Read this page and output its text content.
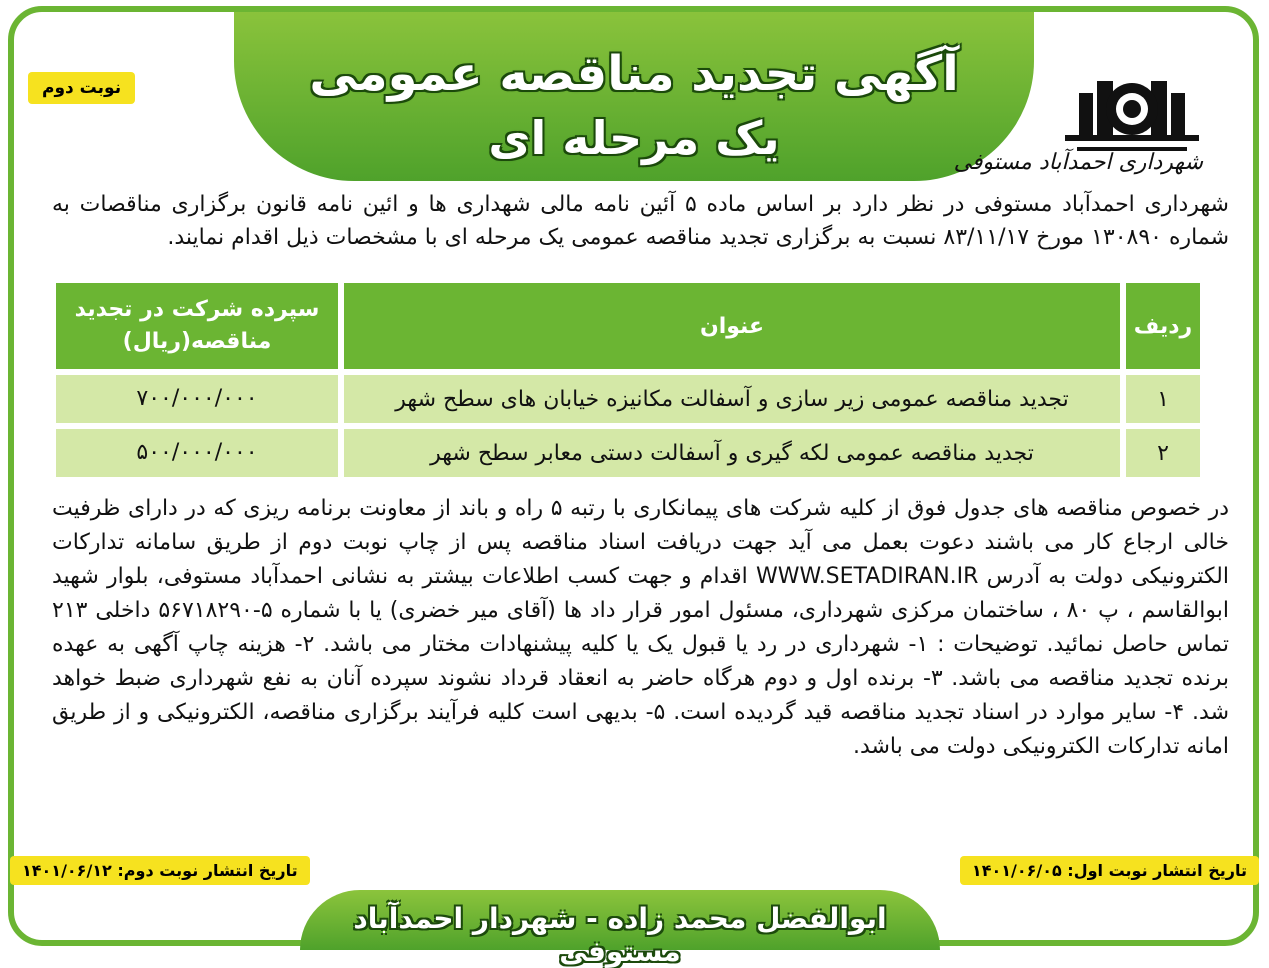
آگهی تجدید مناقصه عمومی
یک مرحله ای
نوبت دوم
شهرداری احمدآباد مستوفی
شهرداری احمدآباد مستوفی در نظر دارد بر اساس ماده ۵ آئین نامه مالی شهداری ها و ائین نامه قانون برگزاری مناقصات به شماره ۱۳۰۸۹۰ مورخ ۸۳/۱۱/۱۷ نسبت به برگزاری تجدید مناقصه عمومی یک مرحله ای با مشخصات ذیل اقدام نمایند.
ردیف	عنوان	سپرده شرکت در تجدید مناقصه(ریال)
۱	تجدید مناقصه عمومی زیر سازی و آسفالت مکانیزه خیابان های سطح شهر	۷۰۰/۰۰۰/۰۰۰
۲	تجدید مناقصه عمومی لکه گیری و آسفالت دستی معابر سطح شهر	۵۰۰/۰۰۰/۰۰۰
در خصوص مناقصه های جدول فوق از کلیه شرکت های پیمانکاری با رتبه ۵ راه و باند از معاونت برنامه ریزی که در دارای ظرفیت خالی ارجاع کار می باشند دعوت بعمل می آید جهت دریافت اسناد مناقصه پس از چاپ نوبت دوم از طریق سامانه تدارکات الکترونیکی دولت به آدرس WWW.SETADIRAN.IR اقدام و جهت کسب اطلاعات بیشتر به نشانی احمدآباد مستوفی، بلوار شهید ابوالقاسم ، پ ۸۰ ، ساختمان مرکزی شهرداری، مسئول امور قرار داد ها (آقای میر خضری) یا با شماره ۵-۵۶۷۱۸۲۹۰ داخلی ۲۱۳ تماس حاصل نمائید. توضیحات : ۱- شهرداری در رد یا قبول یک یا کلیه پیشنهادات مختار می باشد. ۲- هزینه چاپ آگهی به عهده برنده تجدید مناقصه می باشد. ۳- برنده اول و دوم هرگاه حاضر به انعقاد قرداد نشوند سپرده آنان به نفع شهرداری ضبط خواهد شد. ۴- سایر موارد در اسناد تجدید مناقصه قید گردیده است. ۵- بدیهی است کلیه فرآیند برگزاری مناقصه، الکترونیکی و از طریق امانه تدارکات الکترونیکی دولت می باشد.
تاریخ انتشار نوبت اول: ۱۴۰۱/۰۶/۰۵
تاریخ انتشار نوبت دوم: ۱۴۰۱/۰۶/۱۲
ابوالفضل محمد زاده - شهردار احمدآباد مستوفی
